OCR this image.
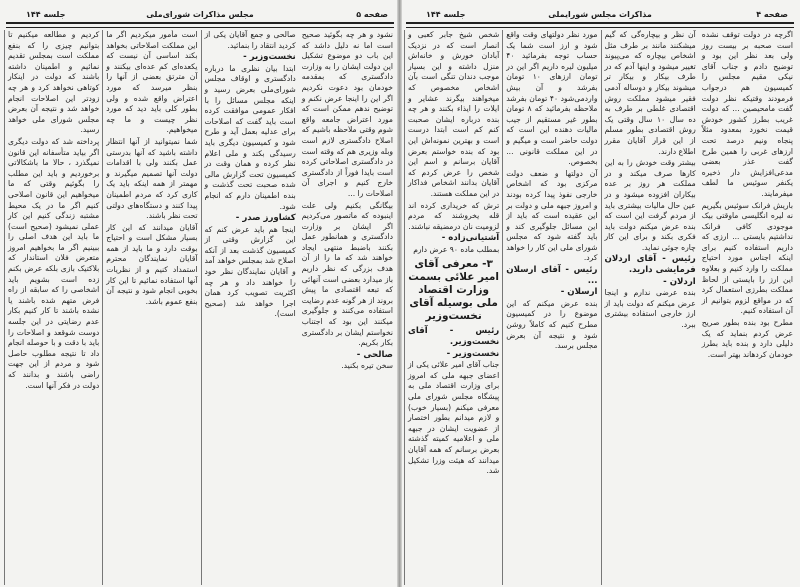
صفحه ۵
مجلس مذاکرات شورای‌ملی
جلسه ۱۴۴

کردیم و مطالعه میکنیم تا بتوانیم چیزی را که بنفع مملکت است بمجلس تقدیم نمائیم و اطمینان داشته باشند که دولت در اینکار کوتاهی نخواهد کرد و هر چه زودتر این اصلاحات انجام خواهد شد و نتیجه آن بعرض مجلس شورای ملی خواهد رسید.

پرداخته شد که دولت دیگری اگر بیاید متأسفانه این قانون نمیگذرد ، حالا ما باشکالاتی برخوردیم و باید این مطلب را بگوئیم وقتی که ما میخواهیم این قانون اصلاحی کنیم اگر ما در یک محیط مشتبه زندگی کنیم این کار عملی نمیشود (صحیح است) ما باید این هدف اصلی را ببینیم اگر ما بخواهیم امروز متعرض فلان استاندار که بلاکتیک بازی بلکه عرض بکنم زده است بشویم باید اشخاصی را که سابقه از راه فرض متهم شده باشند یا نشده باشند تا کار کنیم بکار عدم رضایتی در این جلسه دوست شوقعد و اصلاحات را باید با دقت و با حوصله انجام داد تا نتیجه مطلوب حاصل شود و مردم از این جهت راضی باشند و بدانند که دولت در فکر آنها است.

است مأمور میکردیم اگر ما این مملکت اصلاحاتی بخواهد بکند اساسی آن نیست که یکعده‌ای کم عده‌ای بیکنند و آن مترتق بعضی از آنها را بنظر میرسد که مورد اعتراض واقع شده و ولی بطور کلی باید دید که مورد نظر چیست و ما چه میخواهیم.

شما نمیتوانید از آنها انتظار داشته باشید که آنها بدرستی عمل بکنند ولی با اقدامات دولت آنها تصمیم میگیرند و مهمتر از همه اینکه باید یک کاری کرد که مردم اطمینان پیدا کنند و دستگاه‌های دولتی تحت نظر باشند.

آقایان میدانند که این کار بسیار مشکل است و احتیاج بوقت دارد و ما باید از همه آقایان نمایندگان محترم استمداد کنیم و از نظریات آنها استفاده نمائیم تا این کار بخوبی انجام شود و نتیجه آن بنفع عموم باشد.

صالحی و جمع آقایان یکی از کردید انتقاد را بنمائید.

نخست‌وزیر -

ابتدا بیان نظری ما درباره دادگستری و اوقاف مجلس شورای‌ملی بعرض رسید و اینکه مجلس مسائل را با افکار عمومی موافقت کرده است باید گفت که اصلاحات برای عدلیه بعمل آید و طرح شود و کمیسیون دیگری باید رسیدگی بکند و ملی اعلام نظر کرده و همان وقت در کمیسیون تحت گزارش مالی شده صحبت تحت گذشت و بنده اطمینان دارم که انجام شود.

کشاورز صدر -

اینجا هم باید عرض کنم که این گزارش وقتی از کمیسیون گذشت بعد از آنکه اصلاح شد بمجلس خواهد آمد و آقایان نمایندگان نظر خود را خواهند داد و هر چه اکثریت تصویب کرد همان اجرا خواهد شد (صحیح است).

نشود و هر چه بگوئید صحیح است اما نه دلیل داشد که این باب دو موضوع تشکیل این دولت ایشان را به وزارت دادگستری که بمقدمه خودمان بود دعوت نکردیم اگر این را اینجا عرض نکنم و توضیح ندهم ممکن است که مورد اعتراض جامعه واقع شوم وقتی ملاحظه باشیم که اصلاح دادگستری لازم است وبله وزیری هم که وقته است در دادگستری اصلاحاتی کرده است بایدا فوراً از دادگستری خارج کنیم و اجرای آن اصلاحات را ...

بیگانگی بکنیم ولی علت اینبوده که ماتصور می‌کردیم اگر ایشان بر وزارت دادگستری و همانطور عمل بکنند باضبط منتهی ایجاد خواهند شد که ما را از آن هدف بزرگی که نظر داریم باز میدارد بعضی است آنهائی که تبعه اقتصادی ما پیش بروند از هر گونه عدم رضایت استفاده می‌کنند و جلوگیری میکنند این بود که اجتناب نخواستم ایشان بر دادگستری بکار بکریم.

صالحی -

سخن تیره بکنید.

صفحه ۴
مذاکرات مجلس شورایملی
جلسه ۱۴۴

شخص شیخ جابر کعبی و انصار است که در نزدیک آبادان خورش و خانه‌اش منزل داشته و این بسیار موجب دندان تنگی است بآن اشخاص مخصوص که میخواهند بیگرند عشایر و ایلات را ایذاء بکنند و هر چه بنده درباره ایشان صحبت کنم کم است ابتدا درست است و بهترین نمونه‌اش این بود که بنده خواستم بعرض آقایان برسانم و اسم این شخص را عرض کردم که آقایان بدانند اشخاص فداکار در این مملکت هستند.

ترش که خریداری کرده اند قله یخروشند که مردم لزومیت نان درمضیقه نباشند.

آشتیانی‌زاده -

بمطلب ماده ۹۰ عرض دارم

۳- معرفی آقای امیر علائی بسمت وزارت اقتصاد ملی بوسیله آقای نخست‌وزیر

رئیس - آقای نخست‌وزیر.

نخست‌وزیر -

جناب آقای امیر علائی یکی از اعضای جبهه ملی که امروز برای وزارت اقتصاد ملی به پیشگاه مجلس شورای ملی معرفی میکنم (بسیار خوب) و لازم میدانم بطور اختصار از عضویت ایشان در جبهه ملی و اعلامیه کمیته گذشته بعرض برسانم که همه آقایان میدانند که هیئت وزرا تشکیل شد.

مورد نظر دولتهای وقت واقع شود و ارز است شما یک حساب توجه بفرمائید ۴۰ میلیون لیره داریم اگر این در تومان ارزهای ۱۰ تومان بفرشد و آن بیش واردمی‌شود ۴۰ تومان بفرشد ملاحظه بفرمائید که ۸ تومان بطور غیر مستقیم از جیب مالیات دهنده این است که دولت حاضر است و میگیم و در این مملکت قانونی ... بخصوص.

آن دولتها و ضعف دولت مرکزی بود که اشخاص خارجی نفوذ پیدا کرده بودند و امروز جبهه ملی و دولت بر این عقیده است که باید از این مسائل جلوگیری کند و باید گفته شود که مجلس شورای ملی این کار را خواهد کرد.

رئیس - آقای ارسلان ...

ارسلان -

بنده عرض میکنم که این موضوع را در کمیسیون مطرح کنیم که کاملاً روشن شود و نتیجه آن بعرض مجلس برسد.

آن نظر و بیچاره‌گی که گیم میشکنند مانند بر طرف مثل اشخاص بیچاره که می‌پیوند تغییر میشود و اینها آدم که در طرف بیکار و بیکار تر میشوند بیکار و دوساله آدمی فقیر میشود مملکت روش اقتصادی غلطی بر طرف به ده سال ۱۰ سال وقتی یک روش اقتصادی بطور مسلم از این قرار آقایان مقرر اطلاع دارند.

بیشتر وقت خودش را به این کارها صرف میکند و در مملکت هر روز بر عده بیکاران افزوده میشود و در عین حال مالیات بیشتری باید از مردم گرفت این است که بنده عرض میکنم دولت باید فکری بکند و برای این کار چاره جوئی نماید.

رئیس - آقای اردلان فرمایشی دارید.

اردلان -

بنده عرضی ندارم و اینجا عرض میکنم که دولت باید از ارز خارجی استفاده بیشتری ببرد.

اگرچه در دولت توقف نشده است صحبه بر بیست روز ولی بعد نظر این بود و توضیح دادم و جناب آقای نیکی مقیم مجلس را کمیسیون هم درجواب فرمودند وقتیکه نظر دولت گفت مامحیصین ... که دولت غریب بطرز کشور خودش قیمت نخورد بمعدود مثلاً پنجاه ونیم درصد تحت ارزهای غربی را همین طرح گفت عذر بعضی مدعی‌افزایش دار ذخیره یکنفر سوئیس ما لطف میفرمایند.

باریش فرانک سوئیس بگیریم نه لیره انگلیسی ماوقتی بیک موجودی کافی فرانک نداشتیم بایستی ... ارزی که داریم استفاده کنیم برای اینکه اجناس مورد احتیاج مملکت را وارد کنیم و بعلاوه این ارز را بایستی از لحاظ مملکت بطرزی استعمال کرد که در مواقع لزوم بتوانیم از آن استفاده کنیم.

مطرح بود بنده بطور صریح عرض کردم بنماید که یک دلیلی دارد و بنده باید بطرز خودمان کردهاند بهتر است.
